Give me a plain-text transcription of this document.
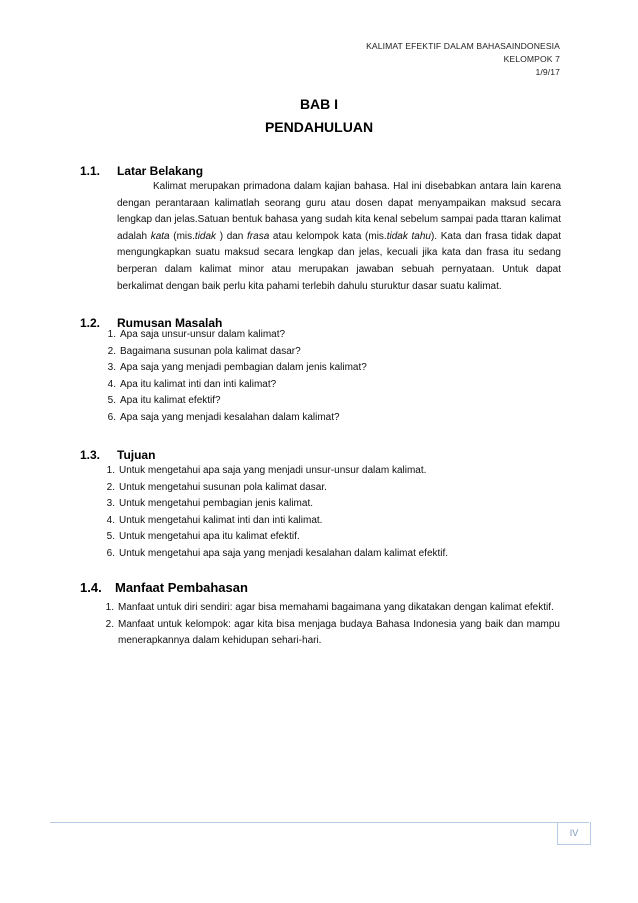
KALIMAT EFEKTIF DALAM BAHASAINDONESIA
KELOMPOK 7
1/9/17
BAB I
PENDAHULUAN
1.1. Latar Belakang
Kalimat merupakan primadona dalam kajian bahasa. Hal ini disebabkan antara lain karena dengan perantaraan kalimatlah seorang guru atau dosen dapat menyampaikan maksud secara lengkap dan jelas.Satuan bentuk bahasa yang sudah kita kenal sebelum sampai pada ttaran kalimat adalah kata (mis.tidak ) dan frasa atau kelompok kata (mis.tidak tahu). Kata dan frasa tidak dapat mengungkapkan suatu maksud secara lengkap dan jelas, kecuali jika kata dan frasa itu sedang berperan dalam kalimat minor atau merupakan jawaban sebuah pernyataan. Untuk dapat berkalimat dengan baik perlu kita pahami terlebih dahulu sturuktur dasar suatu kalimat.
1.2. Rumusan Masalah
1. Apa saja unsur-unsur dalam kalimat?
2. Bagaimana susunan pola kalimat dasar?
3. Apa saja yang menjadi pembagian dalam jenis kalimat?
4. Apa itu kalimat inti dan inti kalimat?
5. Apa itu kalimat efektif?
6. Apa saja yang menjadi kesalahan dalam kalimat?
1.3. Tujuan
1. Untuk mengetahui apa saja yang menjadi unsur-unsur dalam kalimat.
2. Untuk mengetahui susunan pola kalimat dasar.
3. Untuk mengetahui pembagian jenis kalimat.
4. Untuk mengetahui kalimat inti dan inti kalimat.
5. Untuk mengetahui apa itu kalimat efektif.
6. Untuk mengetahui apa saja yang menjadi kesalahan dalam kalimat efektif.
1.4. Manfaat Pembahasan
1. Manfaat untuk diri sendiri: agar bisa memahami bagaimana yang dikatakan dengan kalimat efektif.
2. Manfaat untuk kelompok: agar kita bisa menjaga budaya Bahasa Indonesia yang baik dan mampu menerapkannya dalam kehidupan sehari-hari.
IV
